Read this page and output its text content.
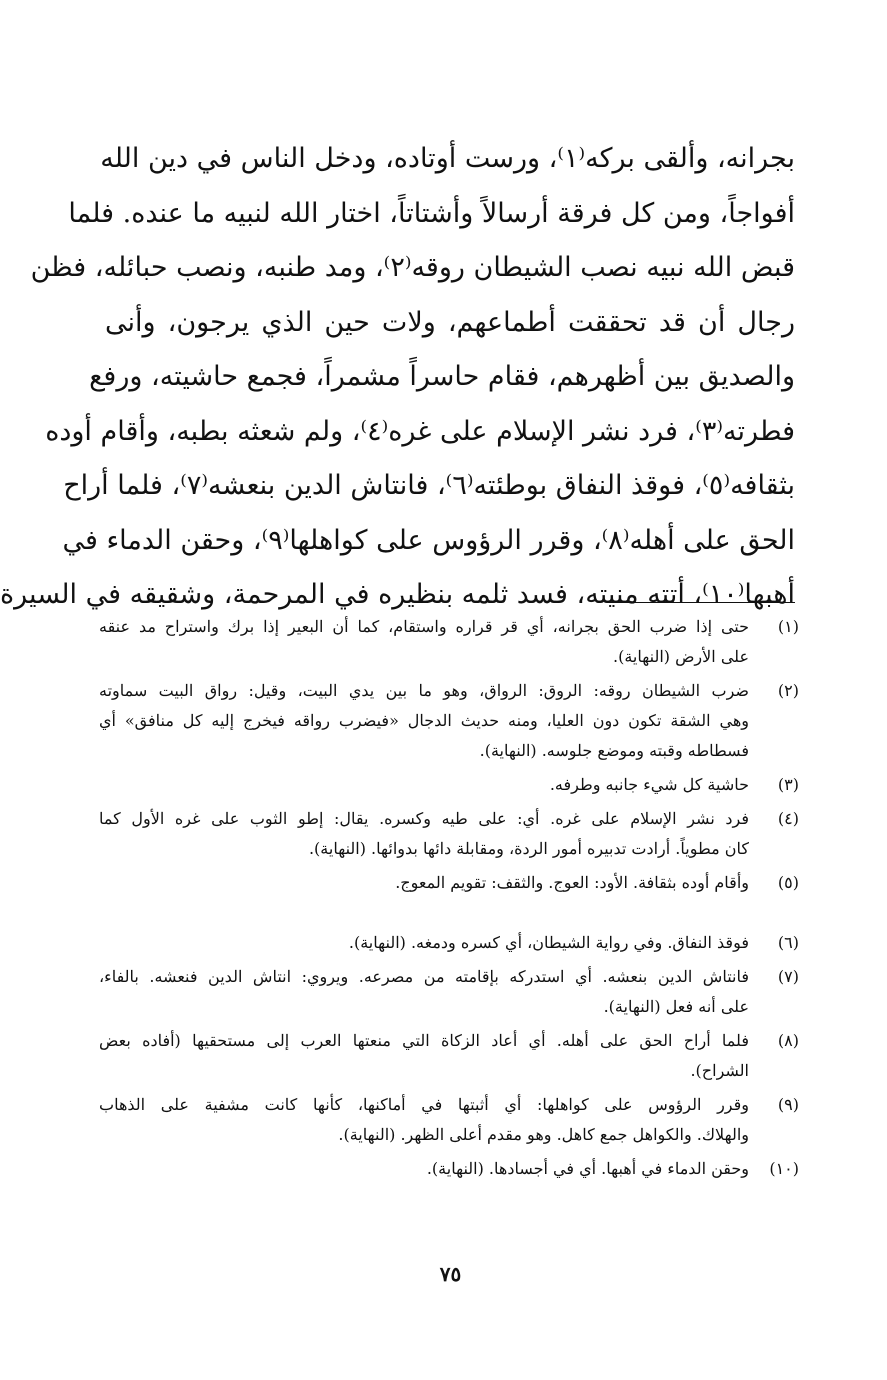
بجرانه، وألقى بركه⁽١⁾، ورست أوتاده، ودخل الناس في دين الله
أفواجاً، ومن كل فرقة أرسالاً وأشتاتاً، اختار الله لنبيه ما عنده. فلما
قبض الله نبيه نصب الشيطان روقه⁽٢⁾، ومد طنبه، ونصب حبائله، فظن
رجال أن قد تحققت أطماعهم، ولات حين الذي يرجون، وأنى
والصديق بين أظهرهم، فقام حاسراً مشمراً، فجمع حاشيته، ورفع
فطرته⁽٣⁾، فرد نشر الإسلام على غره⁽٤⁾، ولم شعثه بطبه، وأقام أوده
بثقافه⁽٥⁾، فوقذ النفاق بوطئته⁽٦⁾، فانتاش الدين بنعشه⁽٧⁾، فلما أراح
الحق على أهله⁽٨⁾، وقرر الرؤوس على كواهلها⁽٩⁾، وحقن الدماء في
أهبها⁽١٠⁾، أتته منيته، فسد ثلمه بنظيره في المرحمة، وشقيقه في السيرة
(١)
حتى إذا ضرب الحق بجرانه، أي قر قراره واستقام، كما أن البعير إذا برك واستراح مد عنقه
على الأرض (النهاية).
(٢)
ضرب الشيطان روقه: الروق: الرواق، وهو ما بين يدي البيت، وقيل: رواق البيت سماوته
وهي الشقة تكون دون العليا، ومنه حديث الدجال «فيضرب رواقه فيخرج إليه كل منافق» أي
فسطاطه وقبته وموضع جلوسه. (النهاية).
(٣)
حاشية كل شيء جانبه وطرفه.
(٤)
فرد نشر الإسلام على غره. أي: على طيه وكسره. يقال: إطو الثوب على غره الأول كما
كان مطوياً. أرادت تدبيره أمور الردة، ومقابلة دائها بدوائها. (النهاية).
(٥)
وأقام أوده بثقافة. الأود: العوج. والثقف: تقويم المعوج.
(٦)
فوقذ النفاق. وفي رواية الشيطان، أي كسره ودمغه. (النهاية).
(٧)
فانتاش الدين بنعشه. أي استدركه بإقامته من مصرعه. ويروي: انتاش الدين فنعشه. بالفاء،
على أنه فعل (النهاية).
(٨)
فلما أراح الحق على أهله. أي أعاد الزكاة التي منعتها العرب إلى مستحقيها (أفاده بعض
الشراح).
(٩)
وقرر الرؤوس على كواهلها: أي أثبتها في أماكنها، كأنها كانت مشفية على الذهاب
والهلاك. والكواهل جمع كاهل. وهو مقدم أعلى الظهر. (النهاية).
(١٠)
وحقن الدماء في أهبها. أي في أجسادها. (النهاية).
٧٥
